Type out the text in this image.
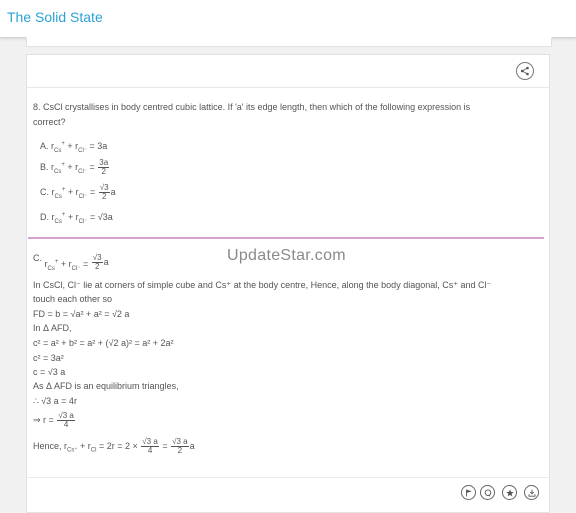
The Solid State
8. CsCl crystallises in body centred cubic lattice. If 'a' its edge length, then which of the following expression is
correct?
A. $r_{Cs}^+ + r_{Cl^-} = 3a$
B. $r_{Cs}^+ + r_{Cl^-} = \frac{3a}{2}$
C. $r_{Cs}^+ + r_{Cl^-} = \frac{√3}{2}$ a
D. $r_{Cs}^+ + r_{Cl^-} = √3a$
C. $r_{Cs}^+ + r_{Cl^-} = \frac{√3}{2}$ a	UpdateStar.com
In CsCl, Cl⁻ lie at corners of simple cube and Cs⁺ at the body centre, Hence, along the body diagonal, Cs⁺ and Cl⁻
touch each other so
FD = b = √a² + a² = √2 a
In Δ AFD,
c² = a² + b² = a² + (√2 a)² = a² + 2a²
c² = 3a²
c = √3 a
As Δ AFD is an equilibrium triangles,
∴ √3 a = 4r
⇒ $r = \frac{√3 a}{4}$
Hence, $r_{Cs^+} + r_{Cl} = 2r = 2 \times \frac{√3 a}{4} = \frac{√3 a}{2}$ a
